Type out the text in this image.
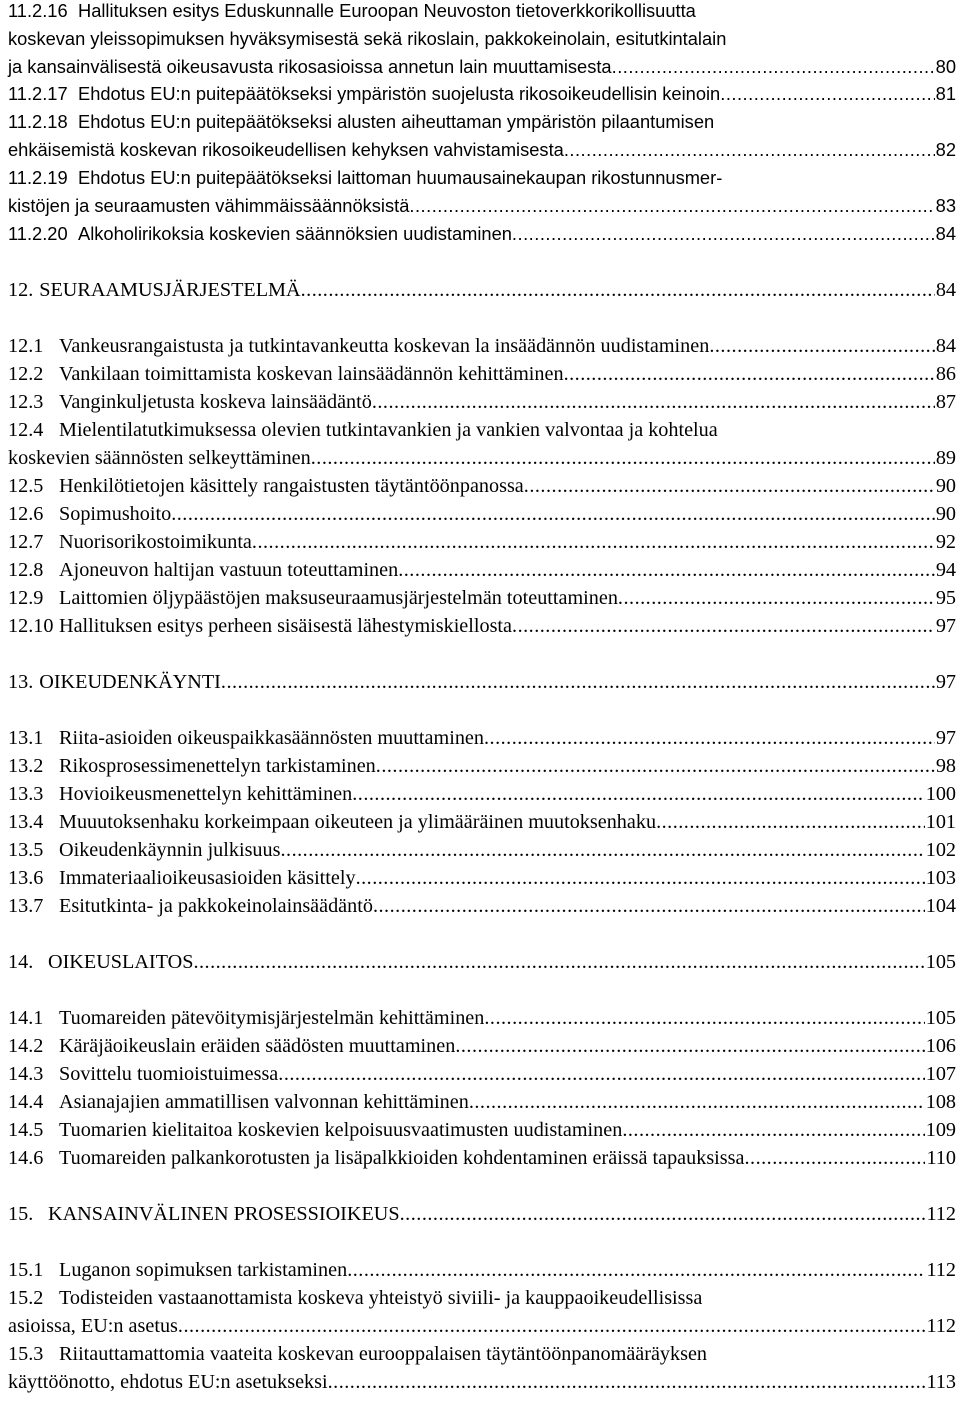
11.2.16 Hallituksen esitys Eduskunnalle Euroopan Neuvoston tietoverkkorikollisuutta
koskevan yleissopimuksen hyväksymisestä sekä rikoslain, pakkokeinolain, esitutkintalain
ja kansainvälisestä oikeusavusta rikosasioissa annetun lain muuttamisesta .....	80
11.2.17 Ehdotus EU:n puitepäätökseksi ympäristön suojelusta rikosoikeudellisin keinoin .....	81
11.2.18 Ehdotus EU:n puitepäätökseksi alusten aiheuttaman ympäristön pilaantumisen
ehkäisemistä koskevan rikosoikeudellisen kehyksen vahvistamisesta .....	82
11.2.19 Ehdotus EU:n puitepäätökseksi laittoman huumausainekaupan rikostunnusmer-
kistöjen ja seuraamusten vähimmäissäännöksistä .....	83
11.2.20 Alkoholirikoksia koskevien säännöksien uudistaminen .....	84
12. SEURAAMUSJÄRJESTELMÄ .....	84
12.1 Vankeusrangaistusta ja tutkintavankeutta koskevan la insäädännön uudistaminen .....	84
12.2 Vankilaan toimittamista koskevan lainsäädännön kehittäminen .....	86
12.3 Vanginkuljetusta koskeva lainsäädäntö .....	87
12.4 Mielentilatutkimuksessa olevien tutkintavankien ja vankien valvontaa ja kohtelua
koskevien säännösten selkeyttäminen .....	89
12.5 Henkilötietojen käsittely rangaistusten täytäntöönpanossa .....	90
12.6 Sopimushoito .....	90
12.7 Nuorisorikostoimikunta .....	92
12.8 Ajoneuvon haltijan vastuun toteuttaminen .....	94
12.9 Laittomien öljypäästöjen maksuseuraamusjärjestelmän toteuttaminen .....	95
12.10 Hallituksen esitys perheen sisäisestä lähestymiskiellosta .....	97
13. OIKEUDENKÄYNTI .....	97
13.1 Riita-asioiden oikeuspaikkasäännösten muuttaminen .....	97
13.2 Rikosprosessimenettelyn tarkistaminen .....	98
13.3 Hovioikeusmenettelyn kehittäminen .....	100
13.4 Muuutoksenhaku korkeimpaan oikeuteen ja ylimääräinen muutoksenhaku .....	101
13.5 Oikeudenkäynnin julkisuus .....	102
13.6 Immateriaalioikeusasioiden käsittely .....	103
13.7 Esitutkinta- ja pakkokeinolainsäädäntö .....	104
14. OIKEUSLAITOS .....	105
14.1 Tuomareiden pätevöitymisjärjestelmän kehittäminen .....	105
14.2 Käräjäoikeuslain eräiden säädösten muuttaminen .....	106
14.3 Sovittelu tuomioistuimessa .....	107
14.4 Asianajajien ammatillisen valvonnan kehittäminen .....	108
14.5 Tuomarien kielitaitoa koskevien kelpoisuusvaatimusten uudistaminen .....	109
14.6 Tuomareiden palkankorotusten ja lisäpalkkioiden kohdentaminen eräissä tapauksissa .....	110
15. KANSAINVÄLINEN PROSESSIOIKEUS .....	112
15.1 Luganon sopimuksen tarkistaminen .....	112
15.2 Todisteiden vastaanottamista koskeva yhteistyö siviili- ja kauppaoikeudellisissa
asioissa, EU:n asetus .....	112
15.3 Riitauttamattomia vaateita koskevan eurooppalaisen täytäntöönpanomääräyksen
käyttöönotto, ehdotus EU:n asetukseksi .....	113
